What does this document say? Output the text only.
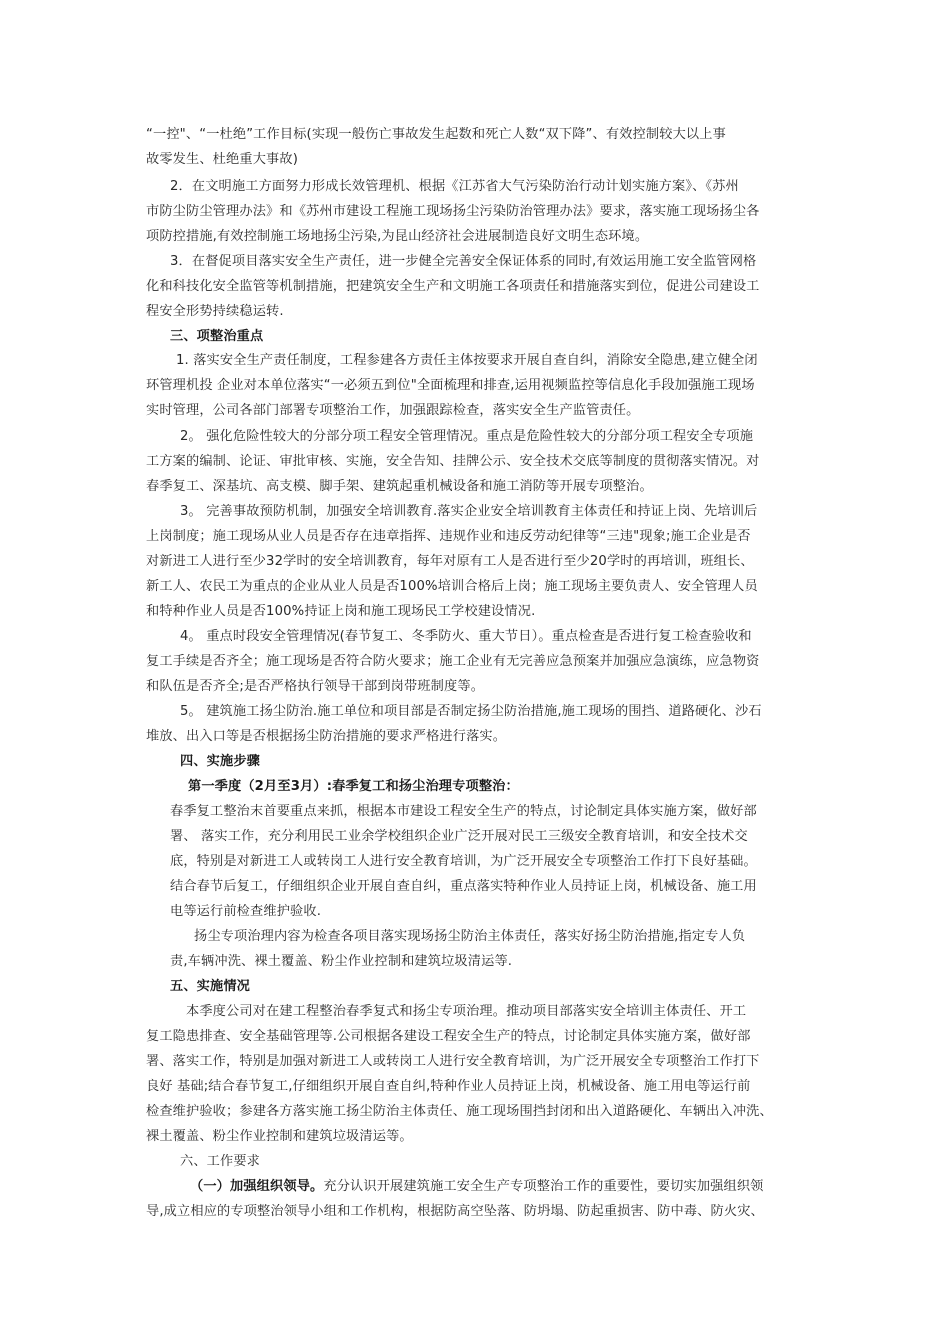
“一控"、“一杜绝”工作目标(实现一般伤亡事故发生起数和死亡人数“双下降”、有效控制较大以上事
故零发生、杜绝重大事故)
2．在文明施工方面努力形成长效管理机、根据《江苏省大气污染防治行动计划实施方案》、《苏州
市防尘防尘管理办法》和《苏州市建设工程施工现场扬尘污染防治管理办法》要求，落实施工现场扬尘各
项防控措施,有效控制施工场地扬尘污染,为昆山经济社会进展制造良好文明生态环境。
3．在督促项目落实安全生产责任，进一步健全完善安全保证体系的同时,有效运用施工安全监管网格
化和科技化安全监管等机制措施，把建筑安全生产和文明施工各项责任和措施落实到位，促进公司建设工
程安全形势持续稳运转.
三、项整治重点
1. 落实安全生产责任制度，工程参建各方责任主体按要求开展自查自纠，消除安全隐患,建立健全闭
环管理机投 企业对本单位落实“一必须五到位"全面梳理和排查,运用视频监控等信息化手段加强施工现场
实时管理，公司各部门部署专项整治工作，加强跟踪检查，落实安全生产监管责任。
2。 强化危险性较大的分部分项工程安全管理情况。重点是危险性较大的分部分项工程安全专项施
工方案的编制、论证、审批审核、实施，安全告知、挂牌公示、安全技术交底等制度的贯彻落实情况。对
春季复工、深基坑、高支模、脚手架、建筑起重机械设备和施工消防等开展专项整治。
3。 完善事故预防机制，加强安全培训教育.落实企业安全培训教育主体责任和持证上岗、先培训后
上岗制度；施工现场从业人员是否存在违章指挥、违规作业和违反劳动纪律等“三违"现象;施工企业是否
对新进工人进行至少32学时的安全培训教育，每年对原有工人是否进行至少20学时的再培训，班组长、
新工人、农民工为重点的企业从业人员是否100%培训合格后上岗；施工现场主要负责人、安全管理人员
和特种作业人员是否100%持证上岗和施工现场民工学校建设情况.
4。 重点时段安全管理情况(春节复工、冬季防火、重大节日）。重点检查是否进行复工检查验收和
复工手续是否齐全；施工现场是否符合防火要求；施工企业有无完善应急预案并加强应急演练，应急物资
和队伍是否齐全;是否严格执行领导干部到岗带班制度等。
5。 建筑施工扬尘防治.施工单位和项目部是否制定扬尘防治措施,施工现场的围挡、道路硬化、沙石
堆放、出入口等是否根据扬尘防治措施的要求严格进行落实。
四、实施步骤
第一季度（2月至3月）:春季复工和扬尘治理专项整治：
春季复工整治末首要重点来抓，根据本市建设工程安全生产的特点，讨论制定具体实施方案，做好部
署、 落实工作，充分利用民工业余学校组织企业广泛开展对民工三级安全教育培训，和安全技术交
底，特别是对新进工人或转岗工人进行安全教育培训，为广泛开展安全专项整治工作打下良好基础。
结合春节后复工，仔细组织企业开展自查自纠，重点落实特种作业人员持证上岗，机械设备、施工用
电等运行前检查维护验收.
扬尘专项治理内容为检查各项目落实现场扬尘防治主体责任，落实好扬尘防治措施,指定专人负
责,车辆冲洗、裸土覆盖、粉尘作业控制和建筑垃圾清运等.
五、实施情况
本季度公司对在建工程整治春季复式和扬尘专项治理。推动项目部落实安全培训主体责任、开工
复工隐患排查、安全基础管理等.公司根据各建设工程安全生产的特点，讨论制定具体实施方案，做好部
署、落实工作，特别是加强对新进工人或转岗工人进行安全教育培训，为广泛开展安全专项整治工作打下
良好 基础;结合春节复工,仔细组织开展自查自纠,特种作业人员持证上岗，机械设备、施工用电等运行前
检查维护验收；参建各方落实施工扬尘防治主体责任、施工现场围挡封闭和出入道路硬化、车辆出入冲洗、
裸土覆盖、粉尘作业控制和建筑垃圾清运等。
六、工作要求
（一）加强组织领导。充分认识开展建筑施工安全生产专项整治工作的重要性，要切实加强组织领
导,成立相应的专项整治领导小组和工作机构，根据防高空坠落、防坍塌、防起重损害、防中毒、防火灾、
